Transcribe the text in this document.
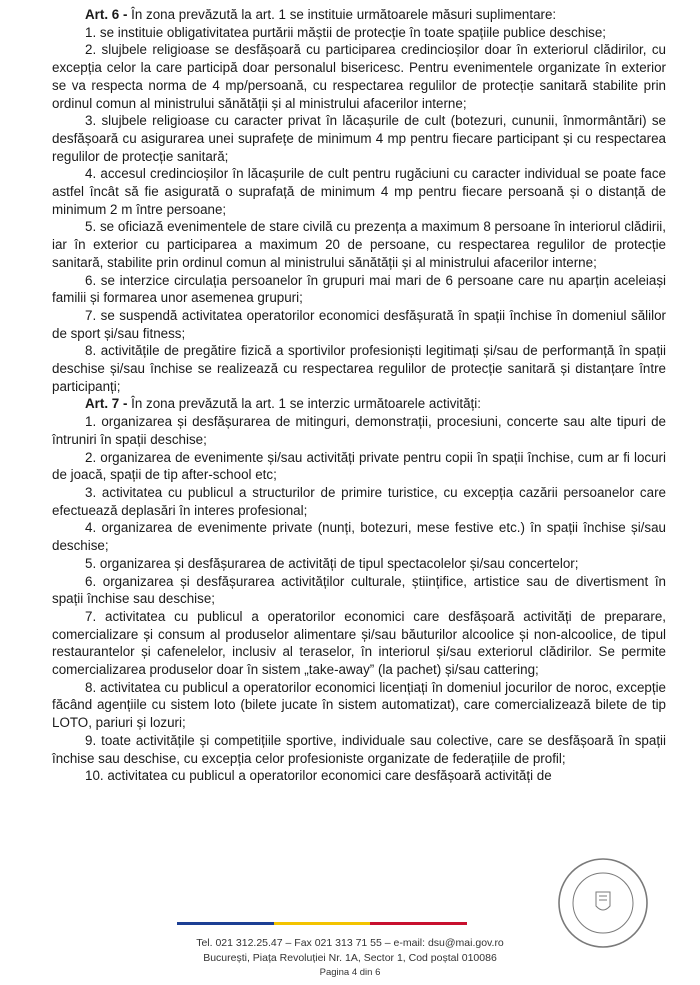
Art. 6 - În zona prevăzută la art. 1 se instituie următoarele măsuri suplimentare:

1. se instituie obligativitatea purtării măștii de protecție în toate spațiile publice deschise;

2. slujbele religioase se desfășoară cu participarea credincioșilor doar în exteriorul clădirilor, cu excepția celor la care participă doar personalul bisericesc. Pentru evenimentele organizate în exterior se va respecta norma de 4 mp/persoană, cu respectarea regulilor de protecție sanitară stabilite prin ordinul comun al ministrului sănătății și al ministrului afacerilor interne;

3. slujbele religioase cu caracter privat în lăcașurile de cult (botezuri, cununii, înmormântări) se desfășoară cu asigurarea unei suprafețe de minimum 4 mp pentru fiecare participant și cu respectarea regulilor de protecție sanitară;

4. accesul credincioșilor în lăcașurile de cult pentru rugăciuni cu caracter individual se poate face astfel încât să fie asigurată o suprafață de minimum 4 mp pentru fiecare persoană și o distanță de minimum 2 m între persoane;

5. se oficiază evenimentele de stare civilă cu prezența a maximum 8 persoane în interiorul clădirii, iar în exterior cu participarea a maximum 20 de persoane, cu respectarea regulilor de protecție sanitară, stabilite prin ordinul comun al ministrului sănătății și al ministrului afacerilor interne;

6. se interzice circulația persoanelor în grupuri mai mari de 6 persoane care nu aparțin aceleiași familii și formarea unor asemenea grupuri;

7. se suspendă activitatea operatorilor economici desfășurată în spații închise în domeniul sălilor de sport și/sau fitness;

8. activitățile de pregătire fizică a sportivilor profesioniști legitimați și/sau de performanță în spații deschise și/sau închise se realizează cu respectarea regulilor de protecție sanitară și distanțare între participanți;

Art. 7 - În zona prevăzută la art. 1 se interzic următoarele activități:

1. organizarea și desfășurarea de mitinguri, demonstrații, procesiuni, concerte sau alte tipuri de întruniri în spații deschise;

2. organizarea de evenimente și/sau activități private pentru copii în spații închise, cum ar fi locuri de joacă, spații de tip after-school etc;

3. activitatea cu publicul a structurilor de primire turistice, cu excepția cazării persoanelor care efectuează deplasări în interes profesional;

4. organizarea de evenimente private (nunți, botezuri, mese festive etc.) în spații închise și/sau deschise;

5. organizarea și desfășurarea de activități de tipul spectacolelor și/sau concertelor;

6. organizarea și desfășurarea activităților culturale, științifice, artistice sau de divertisment în spații închise sau deschise;

7. activitatea cu publicul a operatorilor economici care desfășoară activități de preparare, comercializare și consum al produselor alimentare și/sau băuturilor alcoolice și non-alcoolice, de tipul restaurantelor și cafenelelor, inclusiv al teraselor, în interiorul și/sau exteriorul clădirilor. Se permite comercializarea produselor doar în sistem „take-away” (la pachet) și/sau cattering;

8. activitatea cu publicul a operatorilor economici licențiați în domeniul jocurilor de noroc, excepție făcând agențiile cu sistem loto (bilete jucate în sistem automatizat), care comercializează bilete de tip LOTO, pariuri și lozuri;

9. toate activitățile și competițiile sportive, individuale sau colective, care se desfășoară în spații închise sau deschise, cu excepția celor profesioniste organizate de federațiile de profil;

10. activitatea cu publicul a operatorilor economici care desfășoară activități de

Tel. 021 312.25.47 – Fax 021 313 71 55 – e-mail: dsu@mai.gov.ro
București, Piața Revoluției Nr. 1A, Sector 1, Cod poștal 010086
Pagina 4 din 6
